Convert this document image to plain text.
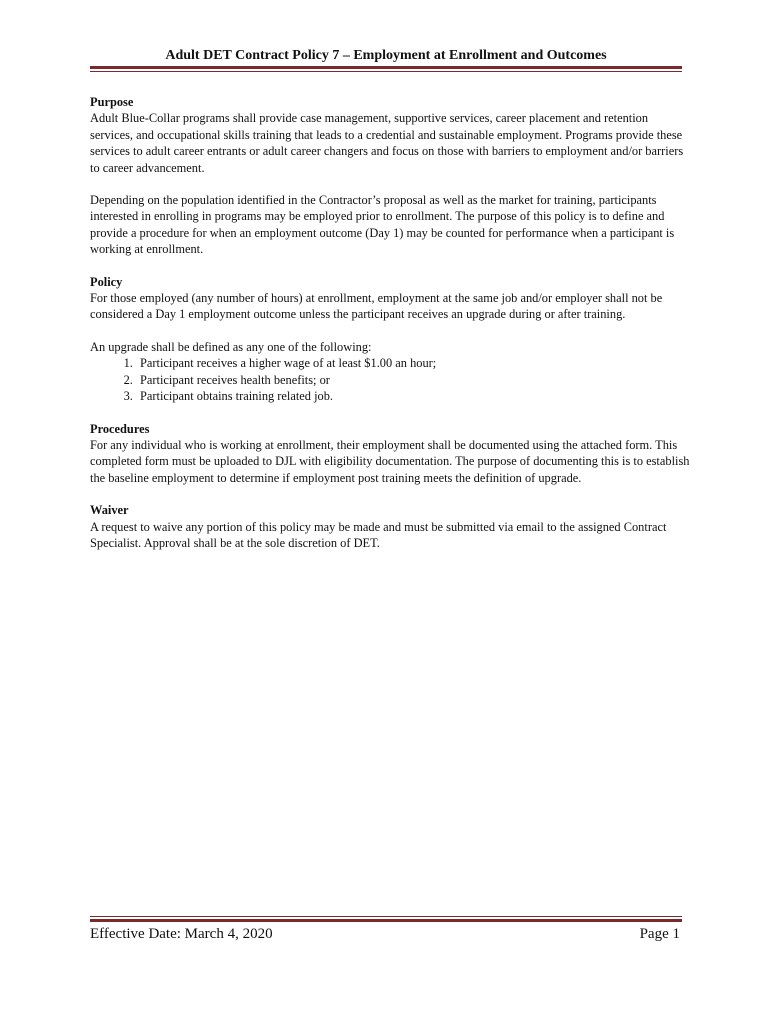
Adult DET Contract Policy 7 – Employment at Enrollment and Outcomes

Purpose

Adult Blue-Collar programs shall provide case management, supportive services, career placement and retention services, and occupational skills training that leads to a credential and sustainable employment. Programs provide these services to adult career entrants or adult career changers and focus on those with barriers to employment and/or barriers to career advancement.

Depending on the population identified in the Contractor’s proposal as well as the market for training, participants interested in enrolling in programs may be employed prior to enrollment. The purpose of this policy is to define and provide a procedure for when an employment outcome (Day 1) may be counted for performance when a participant is working at enrollment.

Policy

For those employed (any number of hours) at enrollment, employment at the same job and/or employer shall not be considered a Day 1 employment outcome unless the participant receives an upgrade during or after training.

An upgrade shall be defined as any one of the following:

1. Participant receives a higher wage of at least $1.00 an hour;
2. Participant receives health benefits; or
3. Participant obtains training related job.

Procedures

For any individual who is working at enrollment, their employment shall be documented using the attached form. This completed form must be uploaded to DJL with eligibility documentation. The purpose of documenting this is to establish the baseline employment to determine if employment post training meets the definition of upgrade.

Waiver

A request to waive any portion of this policy may be made and must be submitted via email to the assigned Contract Specialist. Approval shall be at the sole discretion of DET.

Effective Date: March 4, 2020	Page 1
